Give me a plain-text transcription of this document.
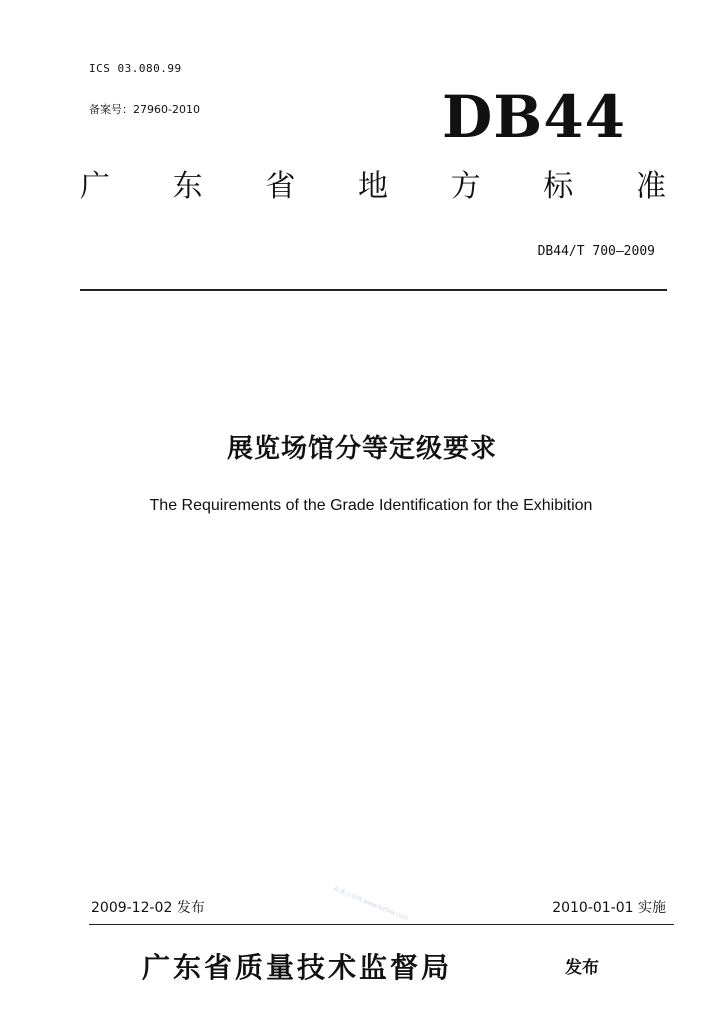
ICS 03.080.99
备案号：27960-2010	DB44
广 东 省 地 方 标 准
DB44/T 700—2009
展览场馆分等定级要求
The Requirements of the Grade Identification for the Exhibition
标准分享网 www.bzfxw.com
2009-12-02 发布	2010-01-01 实施
广东省质量技术监督局	发布
